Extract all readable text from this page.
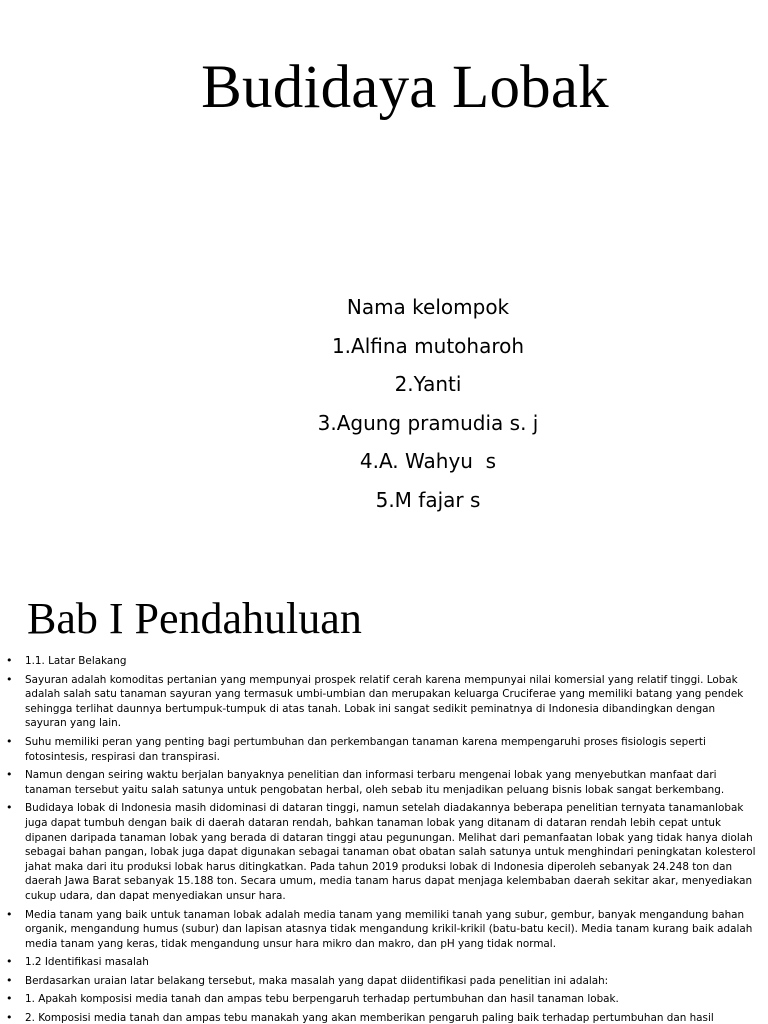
Budidaya Lobak
Nama kelompok
1.Alfina mutoharoh
2.Yanti
3.Agung pramudia s. j
4.A. Wahyu  s
5.M fajar s
Bab I Pendahuluan
• 1.1. Latar Belakang
• Sayuran adalah komoditas pertanian yang mempunyai prospek relatif cerah karena mempunyai nilai komersial yang relatif tinggi. Lobak adalah salah satu tanaman sayuran yang termasuk umbi-umbian dan merupakan keluarga Cruciferae yang memiliki batang yang pendek sehingga terlihat daunnya bertumpuk-tumpuk di atas tanah. Lobak ini sangat sedikit peminatnya di Indonesia dibandingkan dengan sayuran yang lain.
• Suhu memiliki peran yang penting bagi pertumbuhan dan perkembangan tanaman karena mempengaruhi proses fisiologis seperti fotosintesis, respirasi dan transpirasi.
• Namun dengan seiring waktu berjalan banyaknya penelitian dan informasi terbaru mengenai lobak yang menyebutkan manfaat dari tanaman tersebut yaitu salah satunya untuk pengobatan herbal, oleh sebab itu menjadikan peluang bisnis lobak sangat berkembang.
• Budidaya lobak di Indonesia masih didominasi di dataran tinggi, namun setelah diadakannya beberapa penelitian ternyata tanamanlobak juga dapat tumbuh dengan baik di daerah dataran rendah, bahkan tanaman lobak yang ditanam di dataran rendah lebih cepat untuk dipanen daripada tanaman lobak yang berada di dataran tinggi atau pegunungan. Melihat dari pemanfaatan lobak yang tidak hanya diolah sebagai bahan pangan, lobak juga dapat digunakan sebagai tanaman obat obatan salah satunya untuk menghindari peningkatan kolesterol jahat maka dari itu produksi lobak harus ditingkatkan. Pada tahun 2019 produksi lobak di Indonesia diperoleh sebanyak 24.248 ton dan daerah Jawa Barat sebanyak 15.188 ton. Secara umum, media tanam harus dapat menjaga kelembaban daerah sekitar akar, menyediakan cukup udara, dan dapat menyediakan unsur hara.
• Media tanam yang baik untuk tanaman lobak adalah media tanam yang memiliki tanah yang subur, gembur, banyak mengandung bahan organik, mengandung humus (subur) dan lapisan atasnya tidak mengandung krikil-krikil (batu-batu kecil). Media tanam kurang baik adalah media tanam yang keras, tidak mengandung unsur hara mikro dan makro, dan pH yang tidak normal.
• 1.2 Identifikasi masalah
• Berdasarkan uraian latar belakang tersebut, maka masalah yang dapat diidentifikasi pada penelitian ini adalah:
• 1. Apakah komposisi media tanah dan ampas tebu berpengaruh terhadap pertumbuhan dan hasil tanaman lobak.
• 2. Komposisi media tanah dan ampas tebu manakah yang akan memberikan pengaruh paling baik terhadap pertumbuhan dan hasil
